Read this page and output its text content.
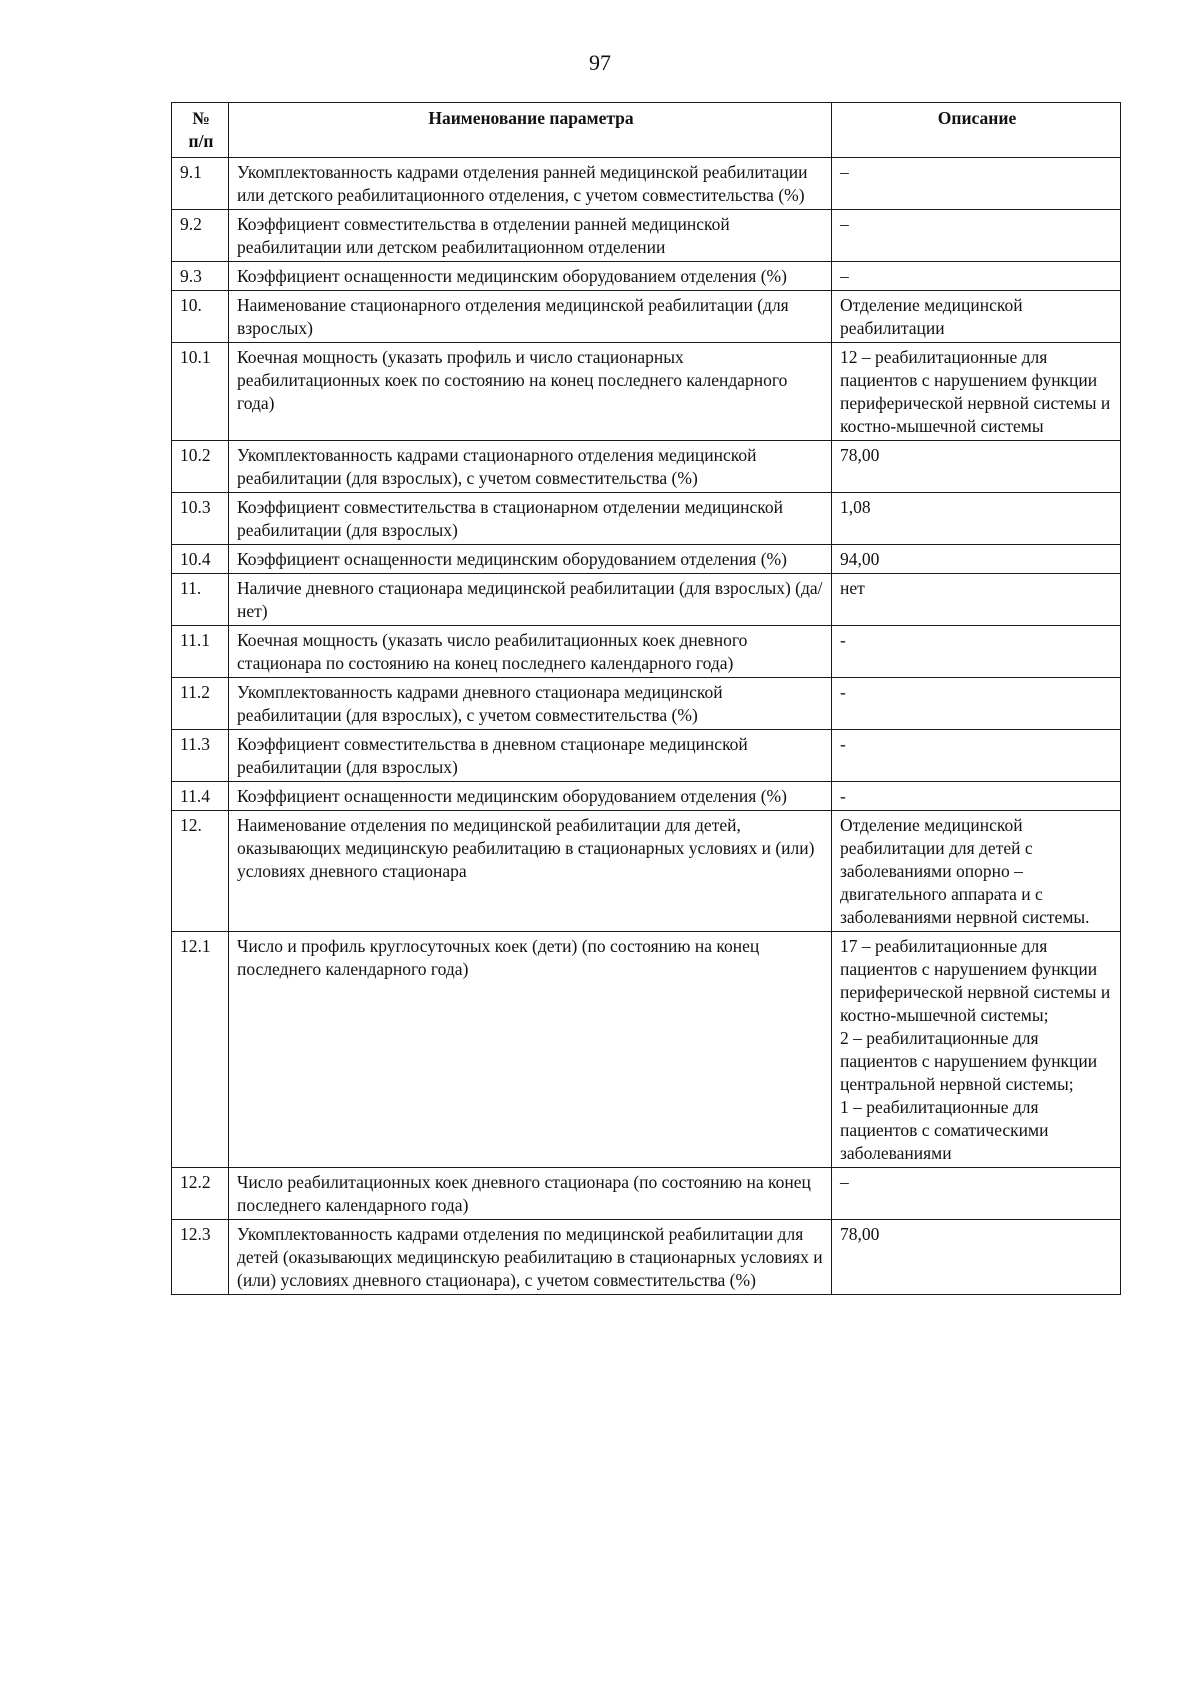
97
№
п/п	Наименование параметра	Описание
9.1	Укомплектованность кадрами отделения ранней медицинской реабилитации или детского реабилитационного отделения, с учетом совместительства (%)	–
9.2	Коэффициент совместительства в отделении ранней медицинской реабилитации или детском реабилитационном отделении	–
9.3	Коэффициент оснащенности медицинским оборудованием отделения (%)	–
10.	Наименование стационарного отделения медицинской реабилитации (для взрослых)	Отделение медицинской реабилитации
10.1	Коечная мощность (указать профиль и число стационарных реабилитационных коек по состоянию на конец последнего календарного года)	12 – реабилитационные для пациентов с нарушением функции периферической нервной системы и костно-мышечной системы
10.2	Укомплектованность кадрами стационарного отделения медицинской реабилитации (для взрослых), с учетом совместительства (%)	78,00
10.3	Коэффициент совместительства в стационарном отделении медицинской реабилитации (для взрослых)	1,08
10.4	Коэффициент оснащенности медицинским оборудованием отделения (%)	94,00
11.	Наличие дневного стационара медицинской реабилитации (для взрослых) (да/нет)	нет
11.1	Коечная мощность (указать число реабилитационных коек дневного стационара по состоянию на конец последнего календарного года)	-
11.2	Укомплектованность кадрами дневного стационара медицинской реабилитации (для взрослых), с учетом совместительства (%)	-
11.3	Коэффициент совместительства в дневном стационаре медицинской реабилитации (для взрослых)	-
11.4	Коэффициент оснащенности медицинским оборудованием отделения (%)	-
12.	Наименование отделения по медицинской реабилитации для детей, оказывающих медицинскую реабилитацию в стационарных условиях и (или) условиях дневного стационара	Отделение медицинской реабилитации для детей с заболеваниями опорно – двигательного аппарата и с заболеваниями нервной системы.
12.1	Число и профиль круглосуточных коек (дети) (по состоянию на конец последнего календарного года)	17 – реабилитационные для пациентов с нарушением функции периферической нервной системы и костно-мышечной системы;
2 – реабилитационные для пациентов с нарушением функции центральной нервной системы;
1 – реабилитационные для пациентов с соматическими заболеваниями
12.2	Число реабилитационных коек дневного стационара (по состоянию на конец последнего календарного года)	–
12.3	Укомплектованность кадрами отделения по медицинской реабилитации для детей (оказывающих медицинскую реабилитацию в стационарных условиях и (или) условиях дневного стационара), с учетом совместительства (%)	78,00
